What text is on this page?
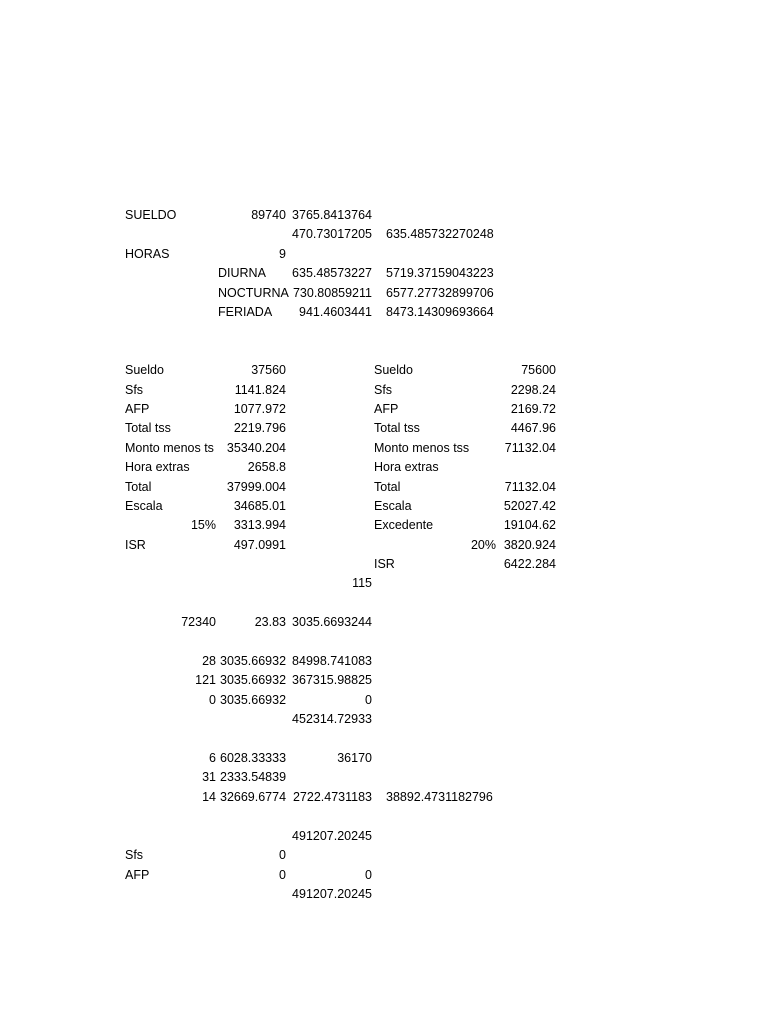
SUELDO	89740 3765.8413764
470.73017205 635.485732270248
HORAS	9
DIURNA 635.48573227 5719.37159043223
NOCTURNA 730.80859211 6577.27732899706
FERIADA	941.4603441 8473.14309693664
Sueldo	37560
Sfs	1141.824
AFP	1077.972
Total tss	2219.796
Monto menos ts	35340.204
Hora extras	2658.8
Total	37999.004
Escala	34685.01
15%	3313.994
ISR	497.0991
Sueldo	75600
Sfs	2298.24
AFP	2169.72
Total tss	4467.96
Monto menos tss	71132.04
Hora extras
Total	71132.04
Escala	52027.42
Excedente	19104.62
20% 3820.924
ISR	6422.284
115
72340	23.83 3035.6693244
28 3035.66932 84998.741083
121 3035.66932 367315.98825
0 3035.66932	0
452314.72933
6 6028.33333	36170
31 2333.54839
14 32669.6774 2722.4731183 38892.4731182796
491207.20245
Sfs	0
AFP	0	0
491207.20245
